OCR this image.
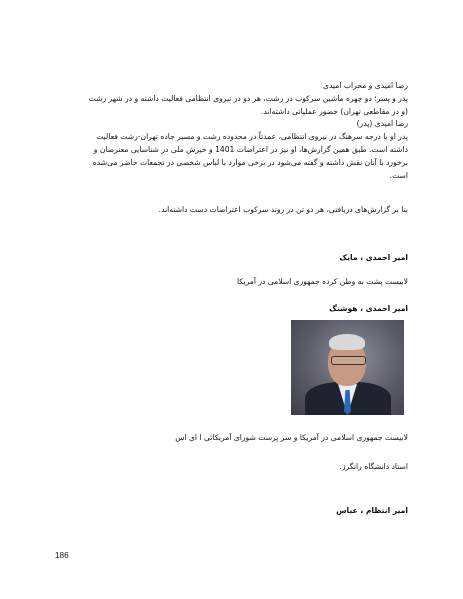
رضا امیدی و محراب امیدی
پدر و پسر؛ دو چهره ماشین سرکوب در رشت، هر دو در نیروی انتظامی فعالیت داشته و در شهر رشت
(و در مقاطعی تهران) حضور عملیاتی داشته‌اند.
رضا امیدی (پدر)
پدر او با درجه سرهنگ در نیروی انتظامی، عمدتاً در محدوده رشت و مسیر جاده تهران-رشت فعالیت
داشته است. طبق همین گزارش‌ها، او نیز در اعتراضات 1401 و خیزش ملی در شناسایی معترضان و
برخورد با آنان نقش داشته و گفته می‌شود در برخی موارد با لباس شخصی در تجمعات حاضر می‌شده
است.

بنا بر گزارش‌های دریافتی، هر دو تن در روند سرکوب اعتراضات دست داشته‌اند.

امیر احمدی ، مایک

لابیست پشت به وطن کرده جمهوری اسلامی در آمریکا

امیر احمدی ، هوشنگ

لابیست جمهوری اسلامی در آمریکا و سر پرست شورای آمریکائی ا ای اس

استاد دانشگاه راتگرز.

امیر انتظام ، عباس

186
